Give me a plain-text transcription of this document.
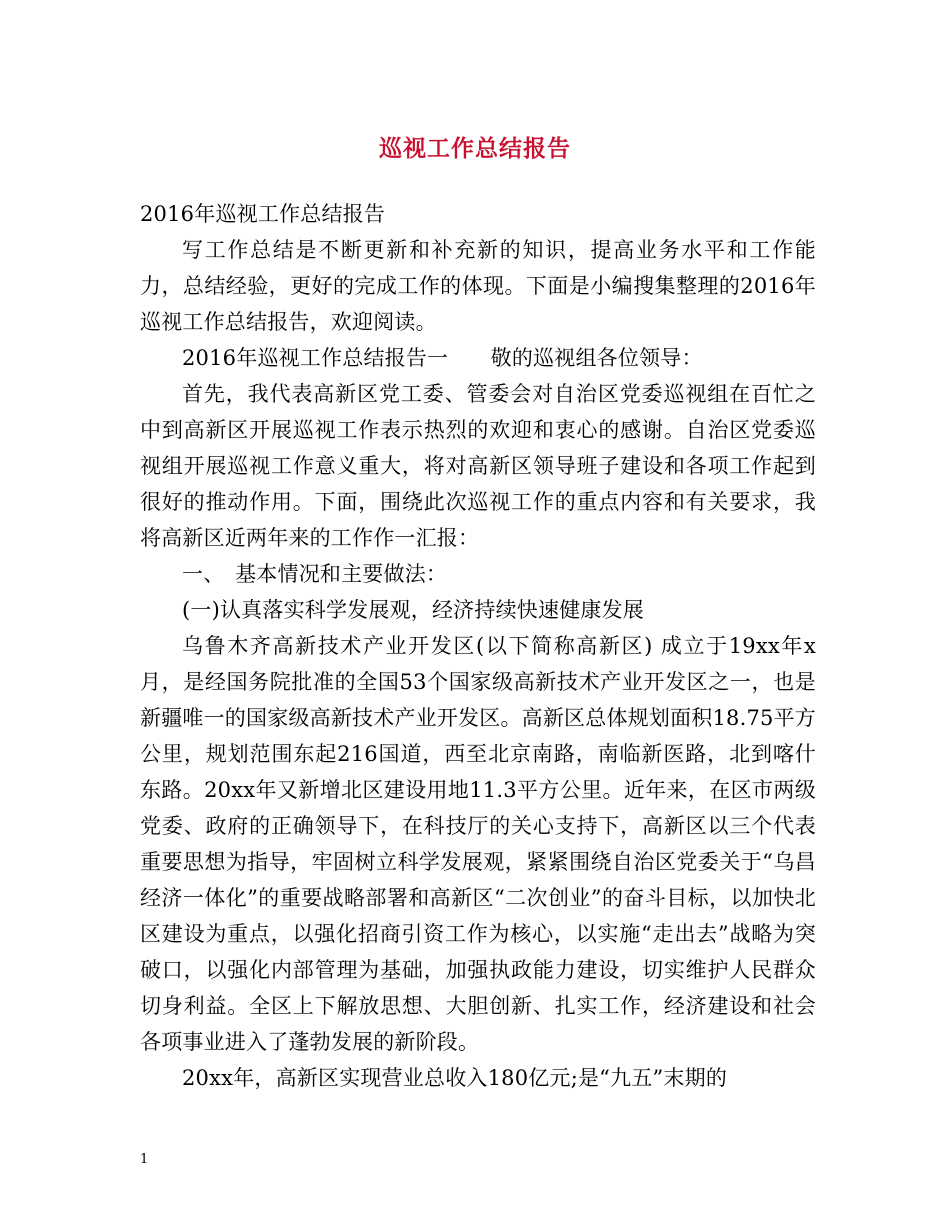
巡视工作总结报告

2016年巡视工作总结报告

写工作总结是不断更新和补充新的知识，提高业务水平和工作能力，总结经验，更好的完成工作的体现。下面是小编搜集整理的2016年巡视工作总结报告，欢迎阅读。

2016年巡视工作总结报告一　　敬的巡视组各位领导：

首先，我代表高新区党工委、管委会对自治区党委巡视组在百忙之中到高新区开展巡视工作表示热烈的欢迎和衷心的感谢。自治区党委巡视组开展巡视工作意义重大，将对高新区领导班子建设和各项工作起到很好的推动作用。下面，围绕此次巡视工作的重点内容和有关要求，我将高新区近两年来的工作作一汇报：

一、　基本情况和主要做法：

(一)认真落实科学发展观，经济持续快速健康发展

乌鲁木齐高新技术产业开发区(以下简称高新区) 成立于19xx年x月，是经国务院批准的全国53个国家级高新技术产业开发区之一，也是新疆唯一的国家级高新技术产业开发区。高新区总体规划面积18.75平方公里，规划范围东起216国道，西至北京南路，南临新医路，北到喀什东路。20xx年又新增北区建设用地11.3平方公里。近年来，在区市两级党委、政府的正确领导下，在科技厅的关心支持下，高新区以三个代表重要思想为指导，牢固树立科学发展观，紧紧围绕自治区党委关于“乌昌经济一体化”的重要战略部署和高新区“二次创业”的奋斗目标，以加快北区建设为重点，以强化招商引资工作为核心，以实施“走出去”战略为突破口，以强化内部管理为基础，加强执政能力建设，切实维护人民群众切身利益。全区上下解放思想、大胆创新、扎实工作，经济建设和社会各项事业进入了蓬勃发展的新阶段。

20xx年，高新区实现营业总收入180亿元;是“九五”末期的

1
